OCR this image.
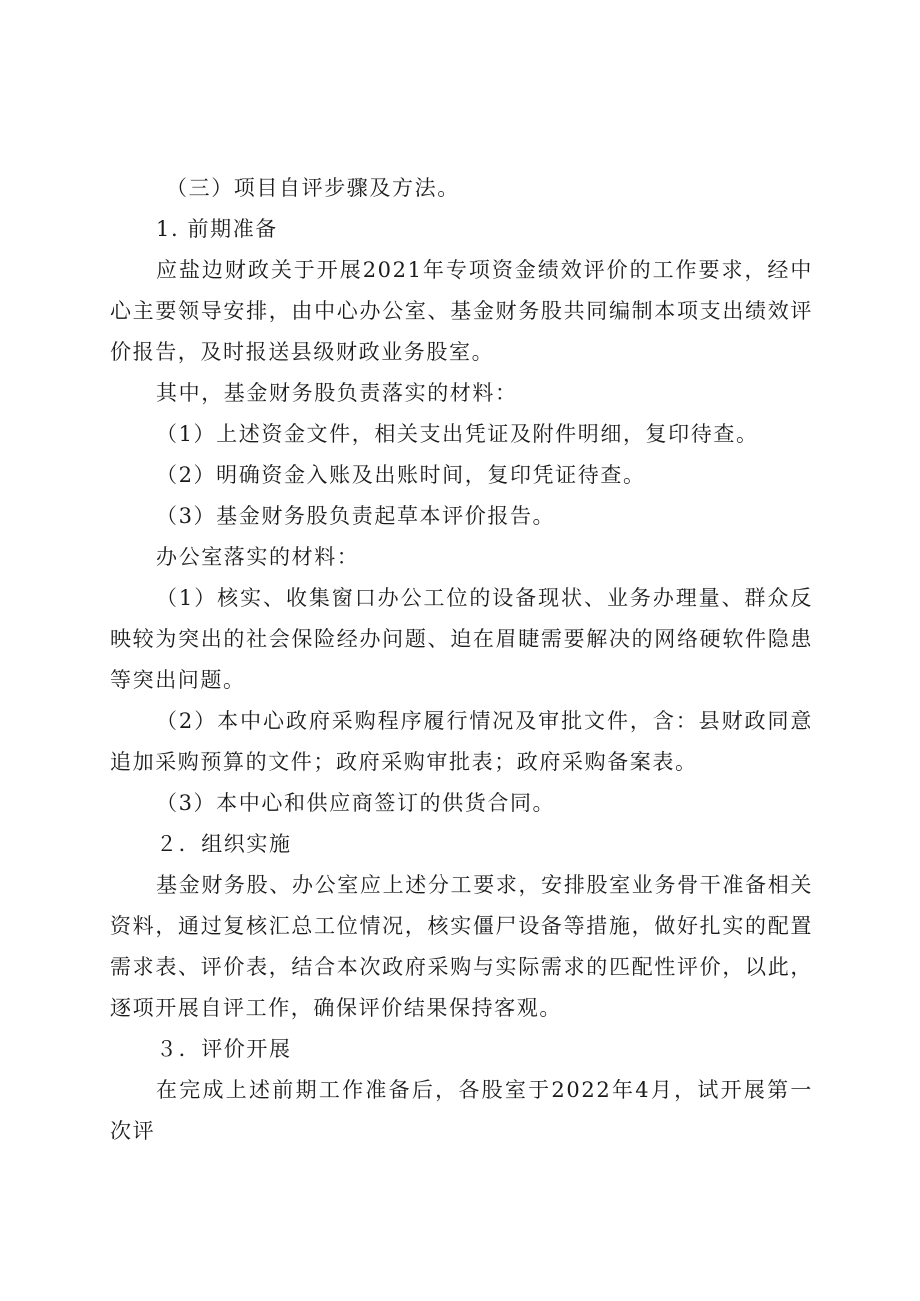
（三）项目自评步骤及方法。

1. 前期准备

应盐边财政关于开展2021年专项资金绩效评价的工作要求，经中心主要领导安排，由中心办公室、基金财务股共同编制本项支出绩效评价报告，及时报送县级财政业务股室。

其中，基金财务股负责落实的材料：

（1）上述资金文件，相关支出凭证及附件明细，复印待查。

（2）明确资金入账及出账时间，复印凭证待查。

（3）基金财务股负责起草本评价报告。

办公室落实的材料：

（1）核实、收集窗口办公工位的设备现状、业务办理量、群众反映较为突出的社会保险经办问题、迫在眉睫需要解决的网络硬软件隐患等突出问题。

（2）本中心政府采购程序履行情况及审批文件，含：县财政同意追加采购预算的文件；政府采购审批表；政府采购备案表。

（3）本中心和供应商签订的供货合同。

２．组织实施

基金财务股、办公室应上述分工要求，安排股室业务骨干准备相关资料，通过复核汇总工位情况，核实僵尸设备等措施，做好扎实的配置需求表、评价表，结合本次政府采购与实际需求的匹配性评价，以此，逐项开展自评工作，确保评价结果保持客观。

３．评价开展

在完成上述前期工作准备后，各股室于2022年4月，试开展第一次评
